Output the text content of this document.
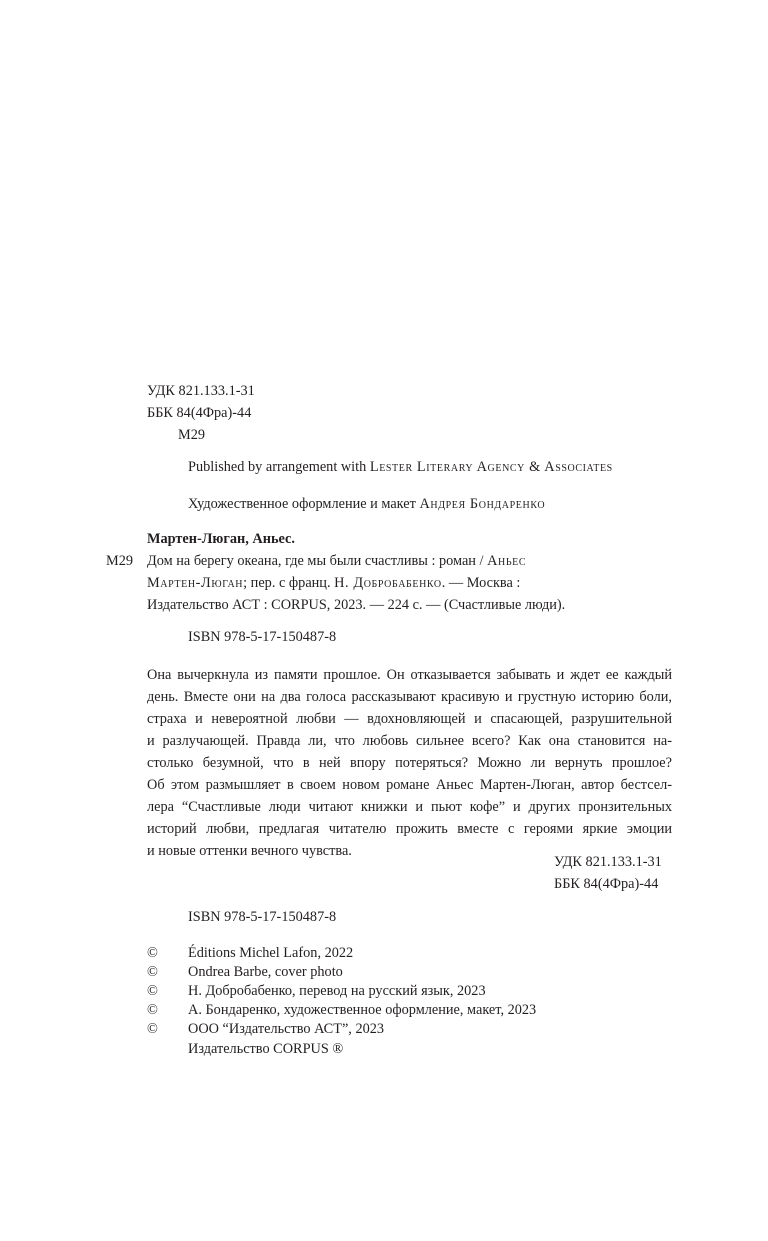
УДК 821.133.1-31
ББК 84(4Фра)-44
М29
Published by arrangement with Lester Literary Agency & Associates
Художественное оформление и макет Андрея Бондаренко
Мартен-Люган, Аньес.
М29 Дом на берегу океана, где мы были счастливы : роман / Аньес
Мартен-Люган; пер. с франц. Н. Добробабенко. — Москва :
Издательство АСТ : CORPUS, 2023. — 224 с. — (Счастливые люди).
ISBN 978-5-17-150487-8
Она вычеркнула из памяти прошлое. Он отказывается забывать и ждет ее каждый
день. Вместе они на два голоса рассказывают красивую и грустную историю боли,
страха и невероятной любви — вдохновляющей и спасающей, разрушительной
и разлучающей. Правда ли, что любовь сильнее всего? Как она становится на-
столько безумной, что в ней впору потеряться? Можно ли вернуть прошлое?
Об этом размышляет в своем новом романе Аньес Мартен-Люган, автор бестсел-
лера “Счастливые люди читают книжки и пьют кофе” и других пронзительных
историй любви, предлагая читателю прожить вместе с героями яркие эмоции
и новые оттенки вечного чувства.
УДК 821.133.1-31
ББК 84(4Фра)-44
ISBN 978-5-17-150487-8
© Éditions Michel Lafon, 2022
© Ondrea Barbe, cover photo
© Н. Добробабенко, перевод на русский язык, 2023
© А. Бондаренко, художественное оформление, макет, 2023
© ООО “Издательство АСТ”, 2023
Издательство CORPUS ®
